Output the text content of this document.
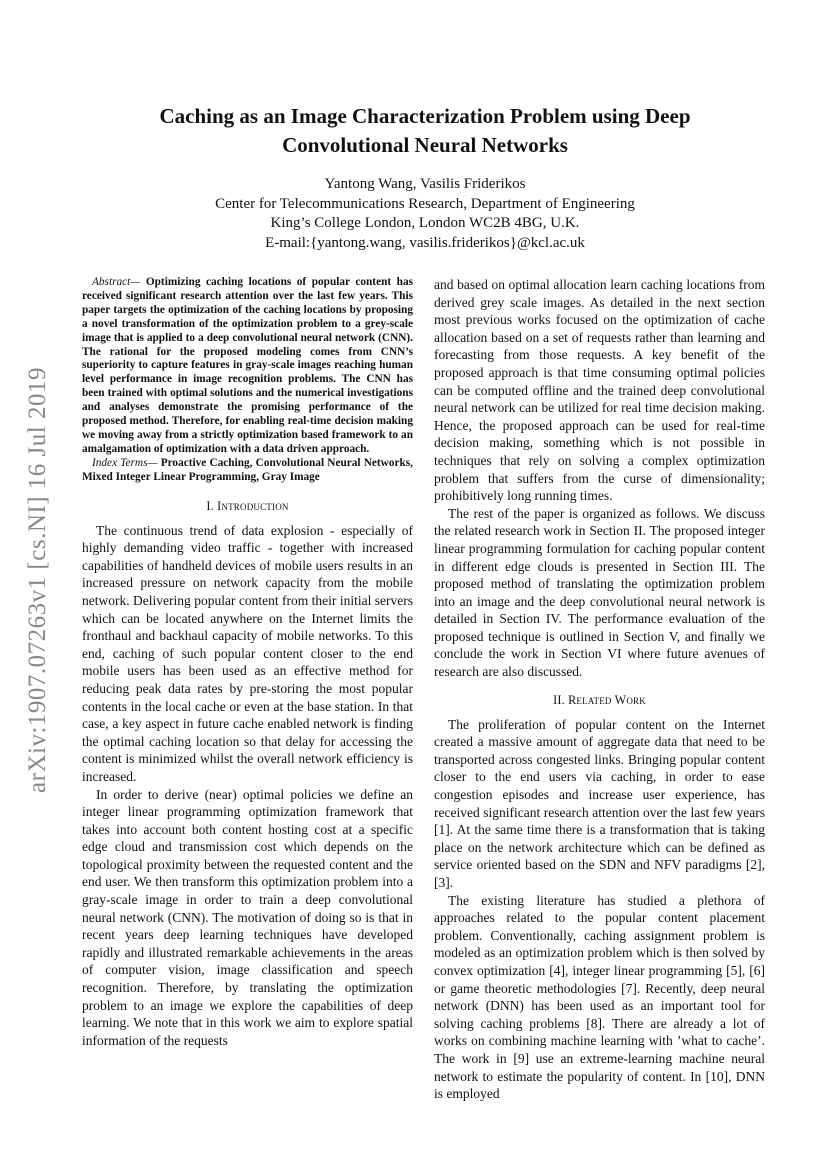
arXiv:1907.07263v1 [cs.NI] 16 Jul 2019
Caching as an Image Characterization Problem using Deep Convolutional Neural Networks
Yantong Wang, Vasilis Friderikos
Center for Telecommunications Research, Department of Engineering
King’s College London, London WC2B 4BG, U.K.
E-mail:{yantong.wang, vasilis.friderikos}@kcl.ac.uk

Abstract— Optimizing caching locations of popular content has received significant research attention over the last few years. This paper targets the optimization of the caching locations by proposing a novel transformation of the optimization problem to a grey-scale image that is applied to a deep convolutional neural network (CNN). The rational for the proposed modeling comes from CNN’s superiority to capture features in gray-scale images reaching human level performance in image recognition problems. The CNN has been trained with optimal solutions and the numerical investigations and analyses demonstrate the promising performance of the proposed method. Therefore, for enabling real-time decision making we moving away from a strictly optimization based framework to an amalgamation of optimization with a data driven approach.

Index Terms— Proactive Caching, Convolutional Neural Networks, Mixed Integer Linear Programming, Gray Image

I. Introduction

The continuous trend of data explosion - especially of highly demanding video traffic - together with increased capabilities of handheld devices of mobile users results in an increased pressure on network capacity from the mobile network. Delivering popular content from their initial servers which can be located anywhere on the Internet limits the fronthaul and backhaul capacity of mobile networks. To this end, caching of such popular content closer to the end mobile users has been used as an effective method for reducing peak data rates by pre-storing the most popular contents in the local cache or even at the base station. In that case, a key aspect in future cache enabled network is finding the optimal caching location so that delay for accessing the content is minimized whilst the overall network efficiency is increased.

In order to derive (near) optimal policies we define an integer linear programming optimization framework that takes into account both content hosting cost at a specific edge cloud and transmission cost which depends on the topological proximity between the requested content and the end user. We then transform this optimization problem into a gray-scale image in order to train a deep convolutional neural network (CNN). The motivation of doing so is that in recent years deep learning techniques have developed rapidly and illustrated remarkable achievements in the areas of computer vision, image classification and speech recognition. Therefore, by translating the optimization problem to an image we explore the capabilities of deep learning. We note that in this work we aim to explore spatial information of the requests

and based on optimal allocation learn caching locations from derived grey scale images. As detailed in the next section most previous works focused on the optimization of cache allocation based on a set of requests rather than learning and forecasting from those requests. A key benefit of the proposed approach is that time consuming optimal policies can be computed offline and the trained deep convolutional neural network can be utilized for real time decision making. Hence, the proposed approach can be used for real-time decision making, something which is not possible in techniques that rely on solving a complex optimization problem that suffers from the curse of dimensionality; prohibitively long running times.

The rest of the paper is organized as follows. We discuss the related research work in Section II. The proposed integer linear programming formulation for caching popular content in different edge clouds is presented in Section III. The proposed method of translating the optimization problem into an image and the deep convolutional neural network is detailed in Section IV. The performance evaluation of the proposed technique is outlined in Section V, and finally we conclude the work in Section VI where future avenues of research are also discussed.

II. Related Work

The proliferation of popular content on the Internet created a massive amount of aggregate data that need to be transported across congested links. Bringing popular content closer to the end users via caching, in order to ease congestion episodes and increase user experience, has received significant research attention over the last few years [1]. At the same time there is a transformation that is taking place on the network architecture which can be defined as service oriented based on the SDN and NFV paradigms [2], [3].

The existing literature has studied a plethora of approaches related to the popular content placement problem. Conventionally, caching assignment problem is modeled as an optimization problem which is then solved by convex optimization [4], integer linear programming [5], [6] or game theoretic methodologies [7]. Recently, deep neural network (DNN) has been used as an important tool for solving caching problems [8]. There are already a lot of works on combining machine learning with ’what to cache’. The work in [9] use an extreme-learning machine neural network to estimate the popularity of content. In [10], DNN is employed
